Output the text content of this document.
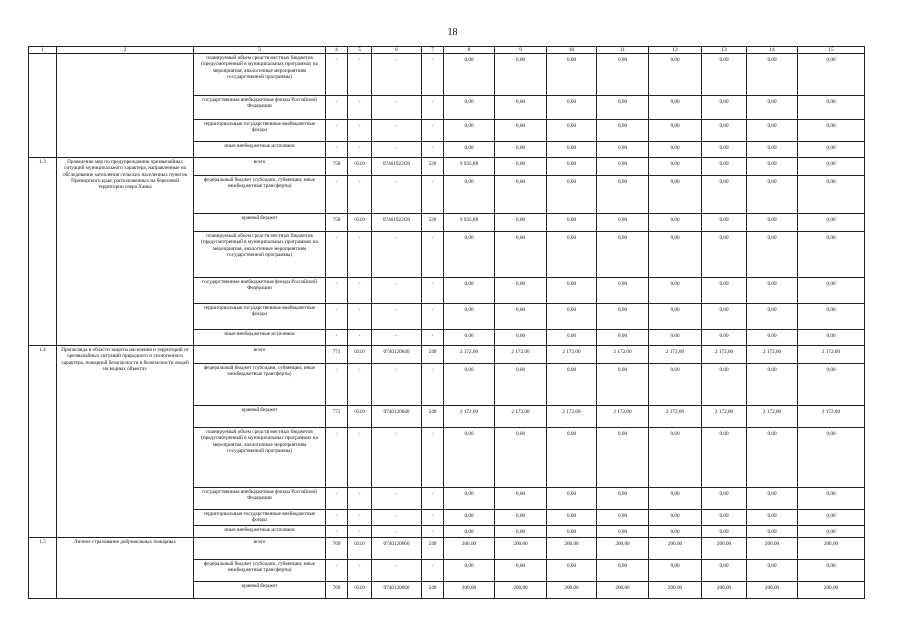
18
1	2	3	4	5	6	7	8	9	10	11	12	13	14	15	
		планируемый объем средств местных бюджетов (предусмотренный в муниципальных программах на мероприятия, аналогичные мероприятиям государственной программы)	-	-	-	-	0,00	0,00	0,00	0,00	0,00	0,00	0,00	0,00	
		государственные внебюджетные фонды Российской Федерации	-	-	-	-	0,00	0,00	0,00	0,00	0,00	0,00	0,00	0,00	
		территориальные государственные внебюджетные фонды	-	-	-	-	0,00	0,00	0,00	0,00	0,00	0,00	0,00	0,00	
		иные внебюджетные источники	-	-	-	-	0,00	0,00	0,00	0,00	0,00	0,00	0,00	0,00	
1.3	Проведение мер по предупреждению чрезвычайных ситуаций муниципального характера, направленные на обследование затопления сельских населенных пунктов Приморского края, расположенных на береговой территории озера Ханка	всего	758	0310	07401922О0	520	9 935,08	0,00	0,00	0,00	0,00	0,00	0,00	0,00	
		федеральный бюджет (субсидии, субвенции, иные межбюджетные трансферты)	-	-	-	-	0,00	0,00	0,00	0,00	0,00	0,00	0,00	0,00	
		краевой бюджет	758	0310	07401922О0	520	9 935,08	0,00	0,00	0,00	0,00	0,00	0,00	0,00	
		планируемый объем средств местных бюджетов (предусмотренный в муниципальных программах на мероприятия, аналогичные мероприятиям государственной программы)	-	-	-	-	0,00	0,00	0,00	0,00	0,00	0,00	0,00	0,00	
		государственные внебюджетные фонды Российской Федерации	-	-	-	-	0,00	0,00	0,00	0,00	0,00	0,00	0,00	0,00	
		территориальные государственные внебюджетные фонды	-	-	-	-	0,00	0,00	0,00	0,00	0,00	0,00	0,00	0,00	
		иные внебюджетные источники	-	-	-	-	0,00	0,00	0,00	0,00	0,00	0,00	0,00	0,00	
1.4	Пропаганда в области защиты населения и территорий от чрезвычайных ситуаций природного и техногенного характера, пожарной безопасности и безопасности людей на водных объектах	всего	771	0310	0740120640	240	2 172,00	2 172,00	2 172,00	2 172,00	2 172,00	2 172,00	2 172,00	2 172,00	
		федеральный бюджет (субсидии, субвенции, иные межбюджетные трансферты)	-	-	-	-	0,00	0,00	0,00	0,00	0,00	0,00	0,00	0,00	
		краевой бюджет	771	0310	0740120640	240	2 172,00	2 172,00	2 172,00	2 172,00	2 172,00	2 172,00	2 172,00	2 172,00	
		планируемый объем средств местных бюджетов (предусмотренный в муниципальных программах на мероприятия, аналогичные мероприятиям государственной программы)	-	-	-	-	0,00	0,00	0,00	0,00	0,00	0,00	0,00	0,00	
		государственные внебюджетные фонды Российской Федерации	-	-	-	-	0,00	0,00	0,00	0,00	0,00	0,00	0,00	0,00	
		территориальные государственные внебюджетные фонды	-	-	-	-	0,00	0,00	0,00	0,00	0,00	0,00	0,00	0,00	
		иные внебюджетные источники	-	-	-	-	0,00	0,00	0,00	0,00	0,00	0,00	0,00	0,00	
1.5	Личное страхование добровольных пожарных	всего	769	0310	0740120660	240	200,00	200,00	200,00	200,00	200,00	200,00	200,00	200,00	
		федеральный бюджет (субсидии, субвенции, иные межбюджетные трансферты)	-	-	-	-	0,00	0,00	0,00	0,00	0,00	0,00	0,00	0,00	
		краевой бюджет	769	0310	0740120660	240	200,00	200,00	200,00	200,00	200,00	200,00	200,00	200,00	
